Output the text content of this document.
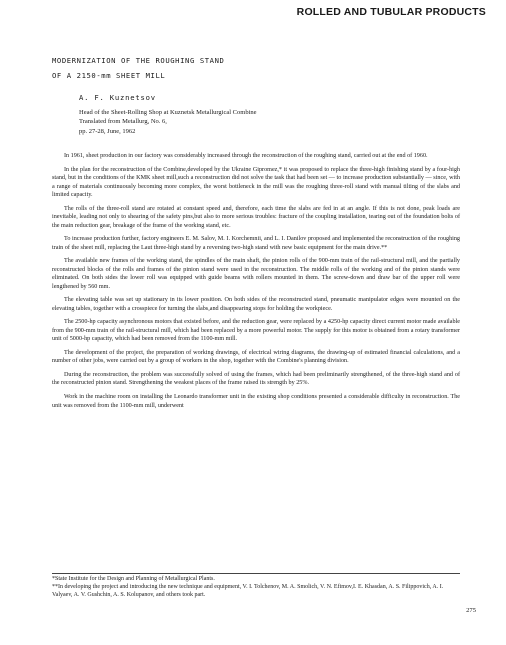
ROLLED AND TUBULAR PRODUCTS
MODERNIZATION OF THE ROUGHING STAND
OF A 2150-mm SHEET MILL
A. F. Kuznetsov
Head of the Sheet-Rolling Shop at Kuznetsk Metallurgical Combine
Translated from Metallurg, No. 6,
pp. 27-28, June, 1962

In 1961, sheet production in our factory was considerably increased through the reconstruction of the roughing stand, carried out at the end of 1960.

In the plan for the reconstruction of the Combine,developed by the Ukraine Gipromez,* it was proposed to replace the three-high finishing stand by a four-high stand, but in the conditions of the KMK sheet mill,such a reconstruction did not solve the task that had been set — to increase production substantially — since, with a range of materials continuously becoming more complex, the worst bottleneck in the mill was the roughing three-roll stand with manual tilting of the slabs and limited capacity.

The rolls of the three-roll stand are rotated at constant speed and, therefore, each time the slabs are fed in at an angle. If this is not done, peak loads are inevitable, leading not only to shearing of the safety pins,but also to more serious troubles: fracture of the coupling installation, tearing out of the foundation bolts of the main reduction gear, breakage of the frame of the working stand, etc.

To increase production further, factory engineers E. M. Salov, M. I. Korchemnii, and L. I. Danilov proposed and implemented the reconstruction of the roughing train of the sheet mill, replacing the Laut three-high stand by a reversing two-high stand with new basic equipment for the main drive.**

The available new frames of the working stand, the spindles of the main shaft, the pinion rolls of the 900-mm train of the rail-structural mill, and the partially reconstructed blocks of the rolls and frames of the pinion stand were used in the reconstruction. The middle rolls of the working and of the pinion stands were eliminated. On both sides the lower roll was equipped with guide beams with rollers mounted in them. The screw-down and draw bar of the upper roll were lengthened by 560 mm.

The elevating table was set up stationary in its lower position. On both sides of the reconstructed stand, pneumatic manipulator edges were mounted on the elevating tables, together with a crosspiece for turning the slabs,and disappearing stops for holding the workpiece.

The 2500-hp capacity asynchronous motors that existed before, and the reduction gear, were replaced by a 4250-hp capacity direct current motor made available from the 900-mm train of the rail-structural mill, which had been replaced by a more powerful motor. The supply for this motor is obtained from a rotary transformer unit of 5000-hp capacity, which had been removed from the 1100-mm mill.

The development of the project, the preparation of working drawings, of electrical wiring diagrams, the drawing-up of estimated financial calculations, and a number of other jobs, were carried out by a group of workers in the shop, together with the Combine's planning division.

During the reconstruction, the problem was successfully solved of using the frames, which had been preliminarily strengthened, of the three-high stand and of the reconstructed pinion stand. Strengthening the weakest places of the frame raised its strength by 25%.

Work in the machine room on installing the Leonardo transformer unit in the existing shop conditions presented a considerable difficulty in reconstruction. The unit was removed from the 1100-mm mill, underwent

*State Institute for the Design and Planning of Metallurgical Plants.
**In developing the project and introducing the new technique and equipment, V. I. Tolchenov, M. A. Smolich, V. N. Efimov,I. E. Khasdan, A. S. Filippovich, A. I. Valyaev, A. V. Gushchin, A. S. Kolupanov, and others took part.
275
